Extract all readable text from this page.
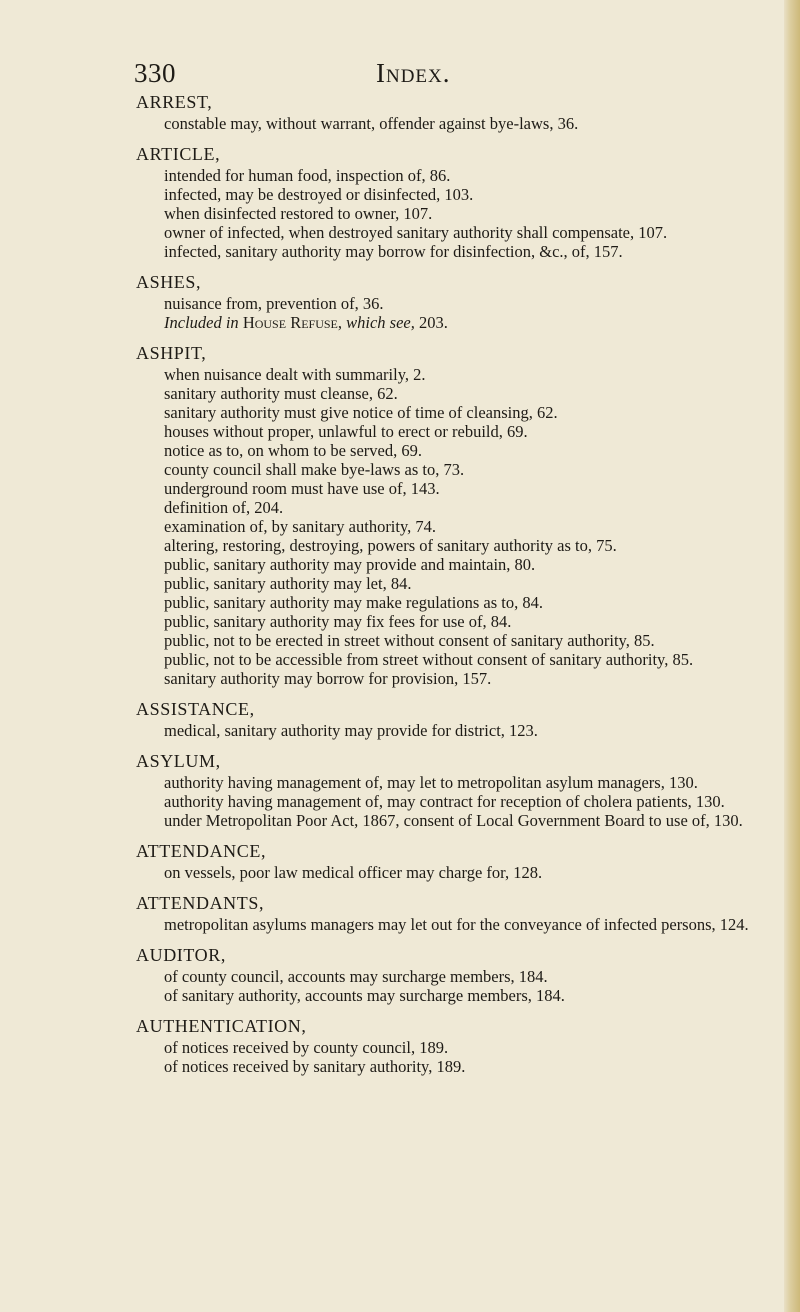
330	Index.
ARREST,
constable may, without warrant, offender against bye-laws, 36.
ARTICLE,
intended for human food, inspection of, 86.
infected, may be destroyed or disinfected, 103.
when disinfected restored to owner, 107.
owner of infected, when destroyed sanitary authority shall compensate, 107.
infected, sanitary authority may borrow for disinfection, &c., of, 157.
ASHES,
nuisance from, prevention of, 36.
Included in House Refuse, which see, 203.
ASHPIT,
when nuisance dealt with summarily, 2.
sanitary authority must cleanse, 62.
sanitary authority must give notice of time of cleansing, 62.
houses without proper, unlawful to erect or rebuild, 69.
notice as to, on whom to be served, 69.
county council shall make bye-laws as to, 73.
underground room must have use of, 143.
definition of, 204.
examination of, by sanitary authority, 74.
altering, restoring, destroying, powers of sanitary authority as to, 75.
public, sanitary authority may provide and maintain, 80.
public, sanitary authority may let, 84.
public, sanitary authority may make regulations as to, 84.
public, sanitary authority may fix fees for use of, 84.
public, not to be erected in street without consent of sanitary authority, 85.
public, not to be accessible from street without consent of sanitary authority, 85.
sanitary authority may borrow for provision, 157.
ASSISTANCE,
medical, sanitary authority may provide for district, 123.
ASYLUM,
authority having management of, may let to metropolitan asylum managers, 130.
authority having management of, may contract for reception of cholera patients, 130.
under Metropolitan Poor Act, 1867, consent of Local Government Board to use of, 130.
ATTENDANCE,
on vessels, poor law medical officer may charge for, 128.
ATTENDANTS,
metropolitan asylums managers may let out for the conveyance of infected persons, 124.
AUDITOR,
of county council, accounts may surcharge members, 184.
of sanitary authority, accounts may surcharge members, 184.
AUTHENTICATION,
of notices received by county council, 189.
of notices received by sanitary authority, 189.
